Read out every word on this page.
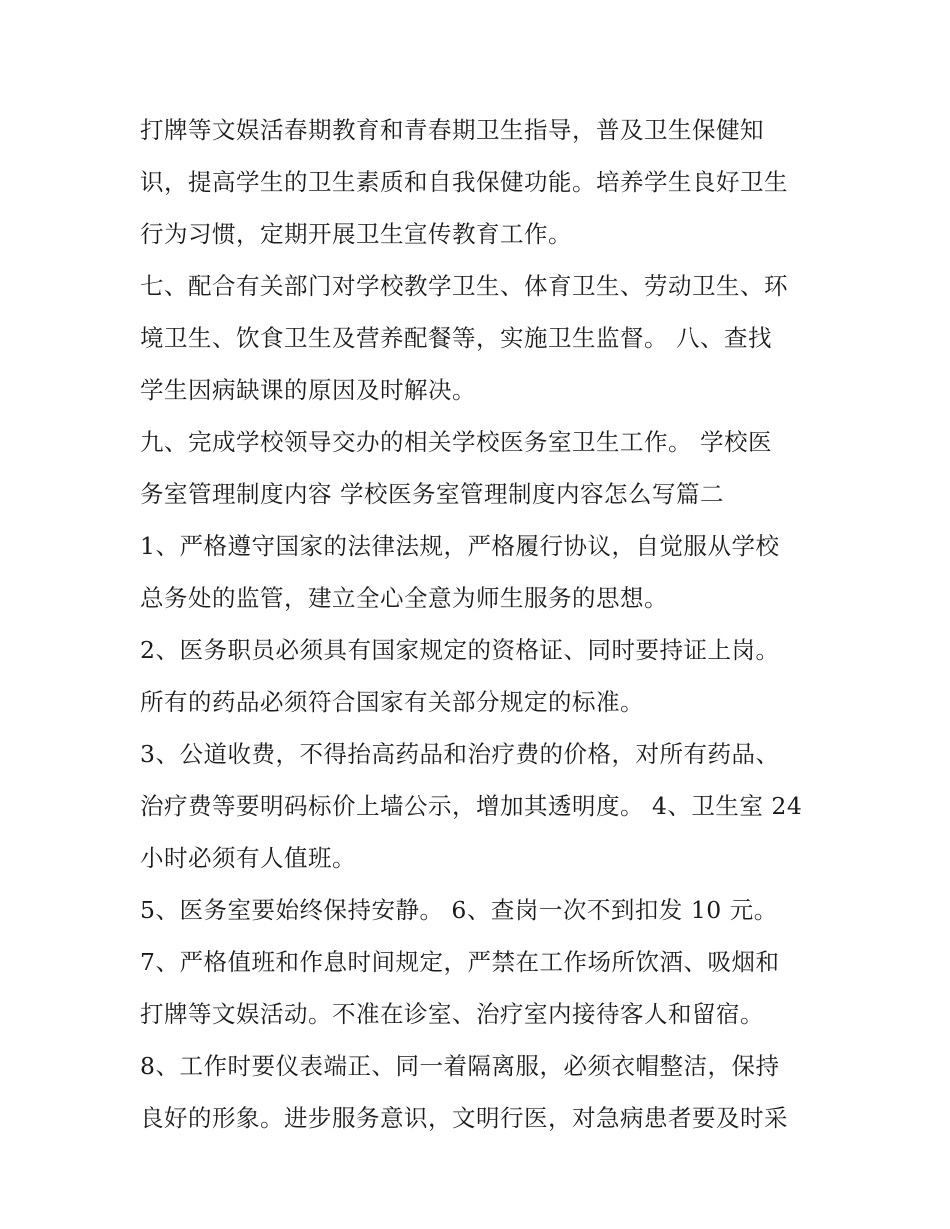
打牌等文娱活春期教育和青春期卫生指导，普及卫生保健知
识，提高学生的卫生素质和自我保健功能。培养学生良好卫生
行为习惯，定期开展卫生宣传教育工作。
七、配合有关部门对学校教学卫生、体育卫生、劳动卫生、环
境卫生、饮食卫生及营养配餐等，实施卫生监督。 八、查找
学生因病缺课的原因及时解决。
九、完成学校领导交办的相关学校医务室卫生工作。 学校医
务室管理制度内容 学校医务室管理制度内容怎么写篇二
1、严格遵守国家的法律法规，严格履行协议，自觉服从学校
总务处的监管，建立全心全意为师生服务的思想。
2、医务职员必须具有国家规定的资格证、同时要持证上岗。
所有的药品必须符合国家有关部分规定的标准。
3、公道收费，不得抬高药品和治疗费的价格，对所有药品、
治疗费等要明码标价上墙公示，增加其透明度。 4、卫生室 24
小时必须有人值班。
5、医务室要始终保持安静。 6、查岗一次不到扣发 10 元。
7、严格值班和作息时间规定，严禁在工作场所饮酒、吸烟和
打牌等文娱活动。不准在诊室、治疗室内接待客人和留宿。
8、工作时要仪表端正、同一着隔离服，必须衣帽整洁，保持
良好的形象。进步服务意识，文明行医，对急病患者要及时采
